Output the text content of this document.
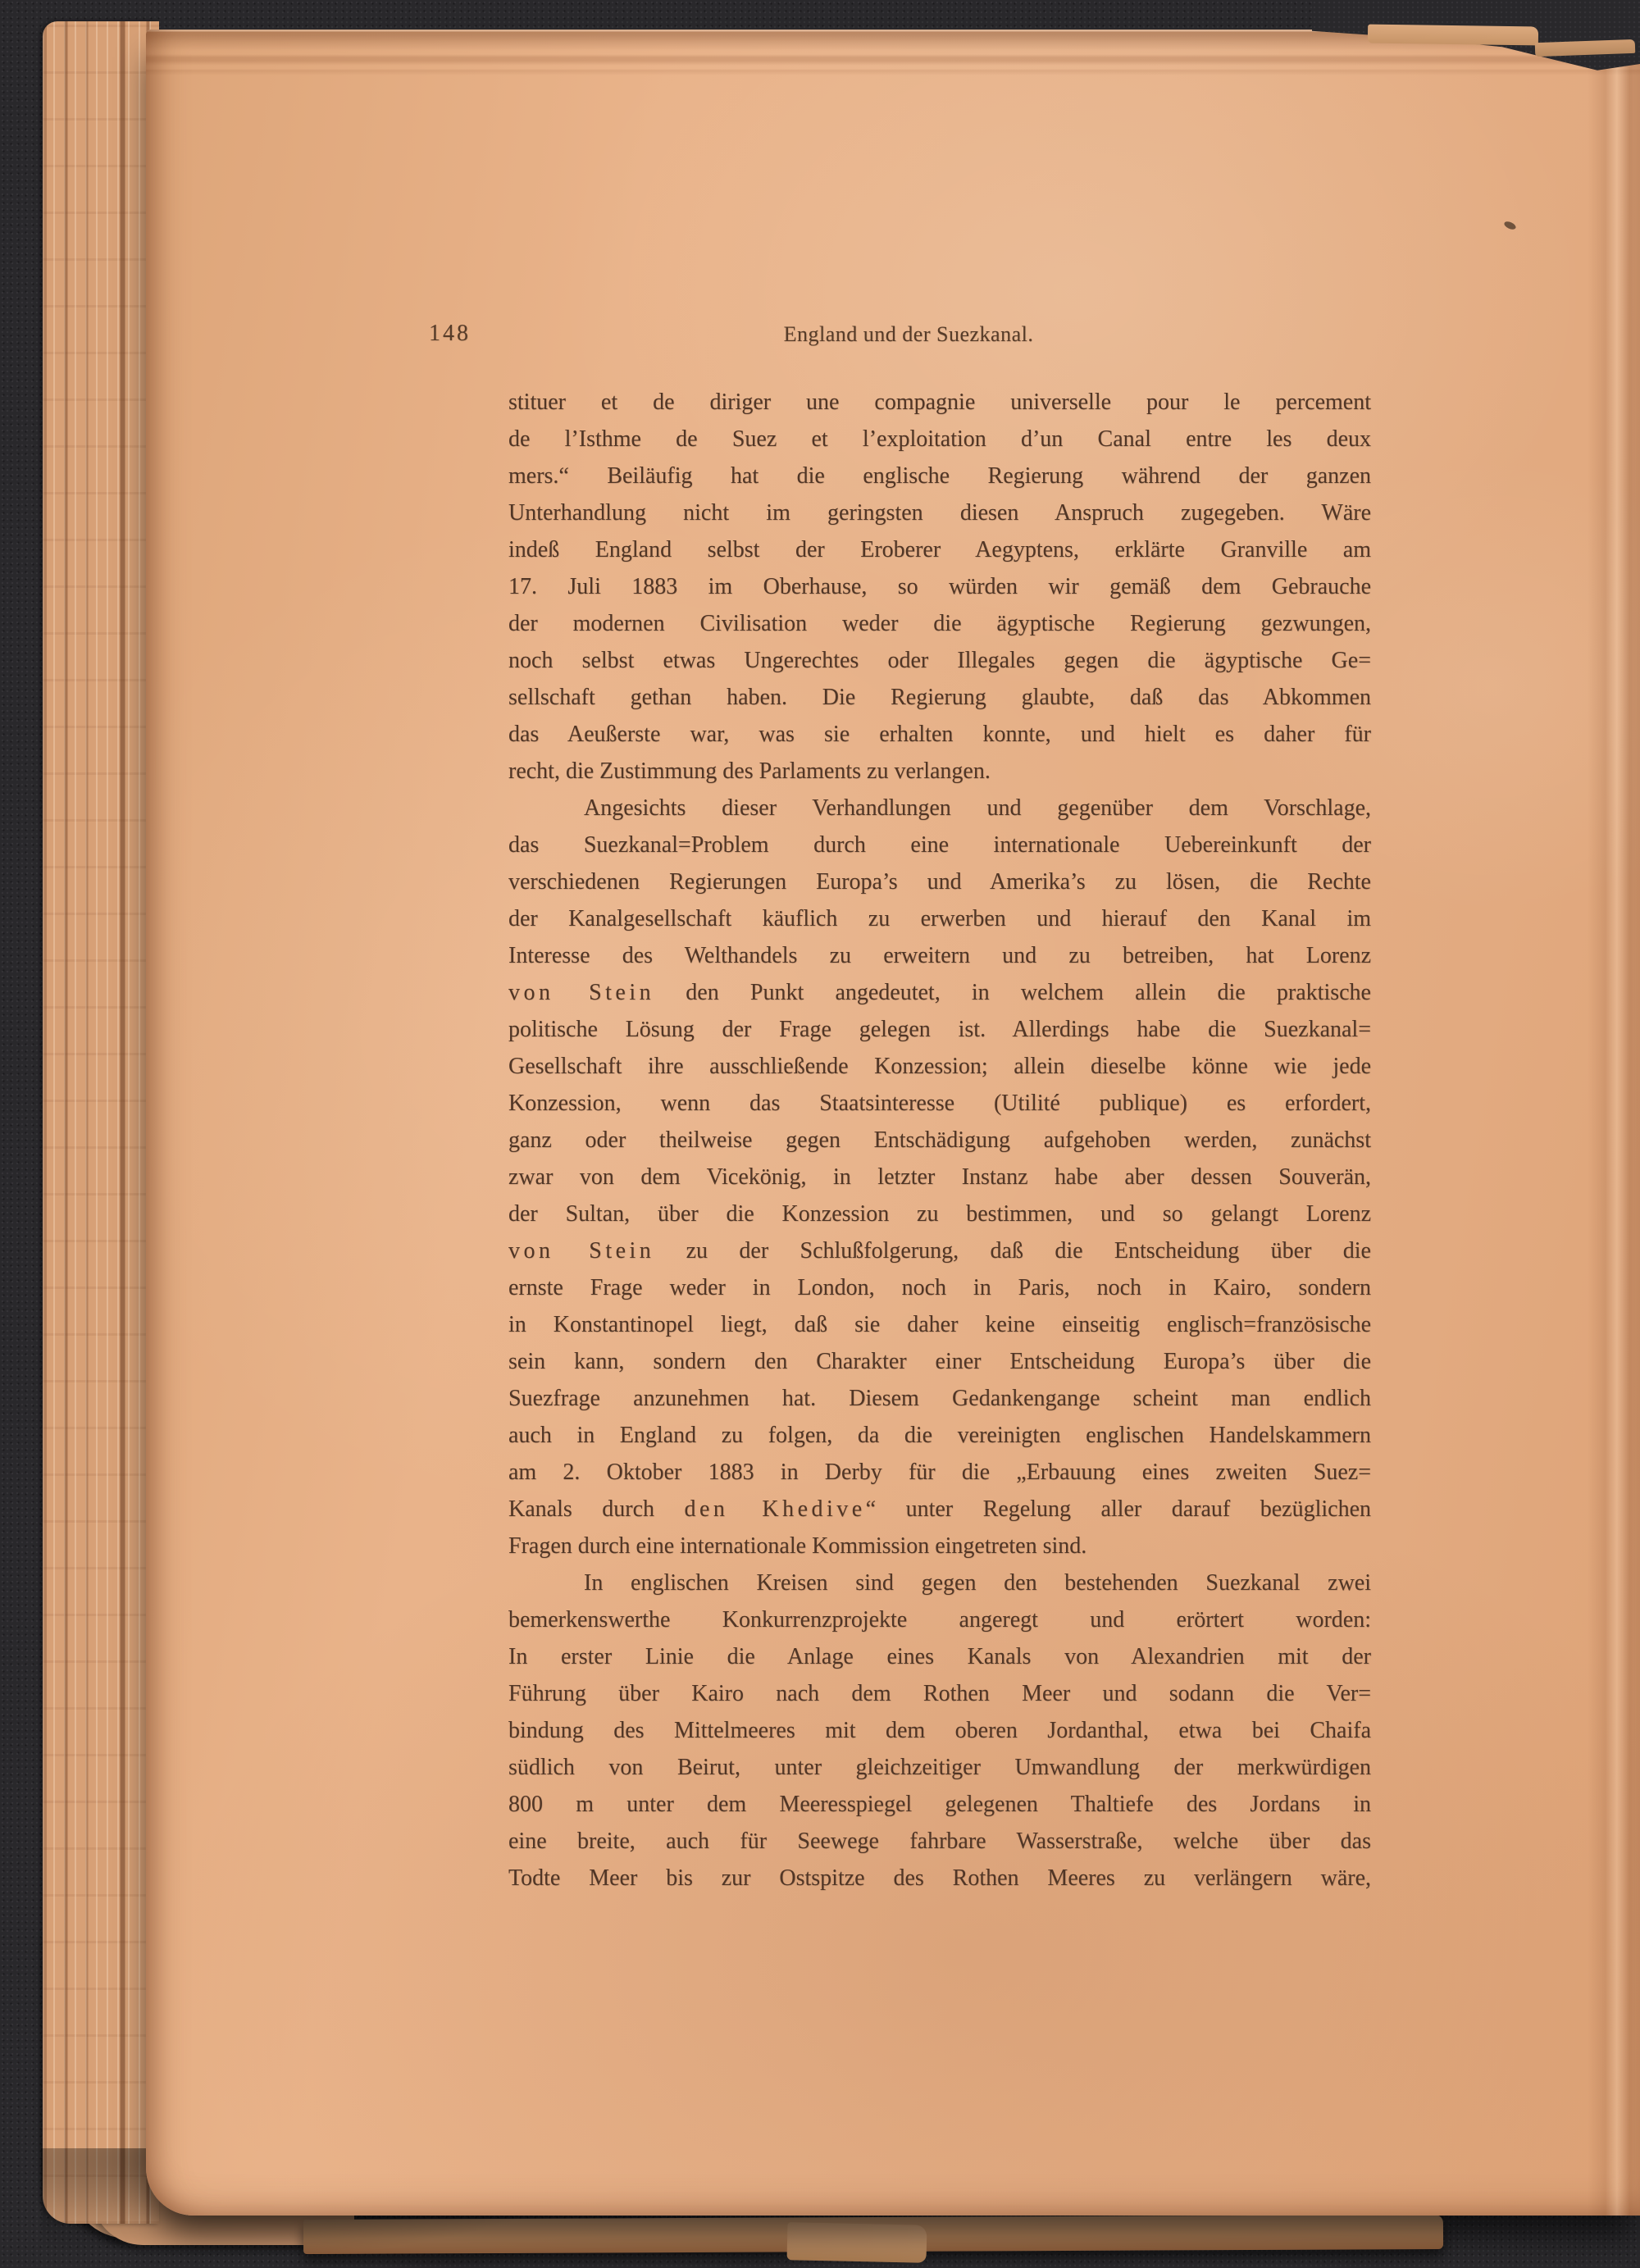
148	England und der Suezkanal.
stituer et de diriger une compagnie universelle pour le percement
de l’Isthme de Suez et l’exploitation d’un Canal entre les deux
mers.“ Beiläufig hat die englische Regierung während der ganzen
Unterhandlung nicht im geringsten diesen Anspruch zugegeben. Wäre
indeß England selbst der Eroberer Aegyptens, erklärte Granville am
17. Juli 1883 im Oberhause, so würden wir gemäß dem Gebrauche
der modernen Civilisation weder die ägyptische Regierung gezwungen,
noch selbst etwas Ungerechtes oder Illegales gegen die ägyptische Ge=
sellschaft gethan haben. Die Regierung glaubte, daß das Abkommen
das Aeußerste war, was sie erhalten konnte, und hielt es daher für
recht, die Zustimmung des Parlaments zu verlangen.
Angesichts dieser Verhandlungen und gegenüber dem Vorschlage,
das Suezkanal=Problem durch eine internationale Uebereinkunft der
verschiedenen Regierungen Europa’s und Amerika’s zu lösen, die Rechte
der Kanalgesellschaft käuflich zu erwerben und hierauf den Kanal im
Interesse des Welthandels zu erweitern und zu betreiben, hat Lorenz
von Stein den Punkt angedeutet, in welchem allein die praktische
politische Lösung der Frage gelegen ist. Allerdings habe die Suezkanal=
Gesellschaft ihre ausschließende Konzession; allein dieselbe könne wie jede
Konzession, wenn das Staatsinteresse (Utilité publique) es erfordert,
ganz oder theilweise gegen Entschädigung aufgehoben werden, zunächst
zwar von dem Vicekönig, in letzter Instanz habe aber dessen Souverän,
der Sultan, über die Konzession zu bestimmen, und so gelangt Lorenz
von Stein zu der Schlußfolgerung, daß die Entscheidung über die
ernste Frage weder in London, noch in Paris, noch in Kairo, sondern
in Konstantinopel liegt, daß sie daher keine einseitig englisch=französische
sein kann, sondern den Charakter einer Entscheidung Europa’s über die
Suezfrage anzunehmen hat. Diesem Gedankengange scheint man endlich
auch in England zu folgen, da die vereinigten englischen Handelskammern
am 2. Oktober 1883 in Derby für die „Erbauung eines zweiten Suez=
Kanals durch den Khedive“ unter Regelung aller darauf bezüglichen
Fragen durch eine internationale Kommission eingetreten sind.
In englischen Kreisen sind gegen den bestehenden Suezkanal zwei
bemerkenswerthe Konkurrenzprojekte angeregt und erörtert worden:
In erster Linie die Anlage eines Kanals von Alexandrien mit der
Führung über Kairo nach dem Rothen Meer und sodann die Ver=
bindung des Mittelmeeres mit dem oberen Jordanthal, etwa bei Chaifa
südlich von Beirut, unter gleichzeitiger Umwandlung der merkwürdigen
800 m unter dem Meeresspiegel gelegenen Thaltiefe des Jordans in
eine breite, auch für Seewege fahrbare Wasserstraße, welche über das
Todte Meer bis zur Ostspitze des Rothen Meeres zu verlängern wäre,
